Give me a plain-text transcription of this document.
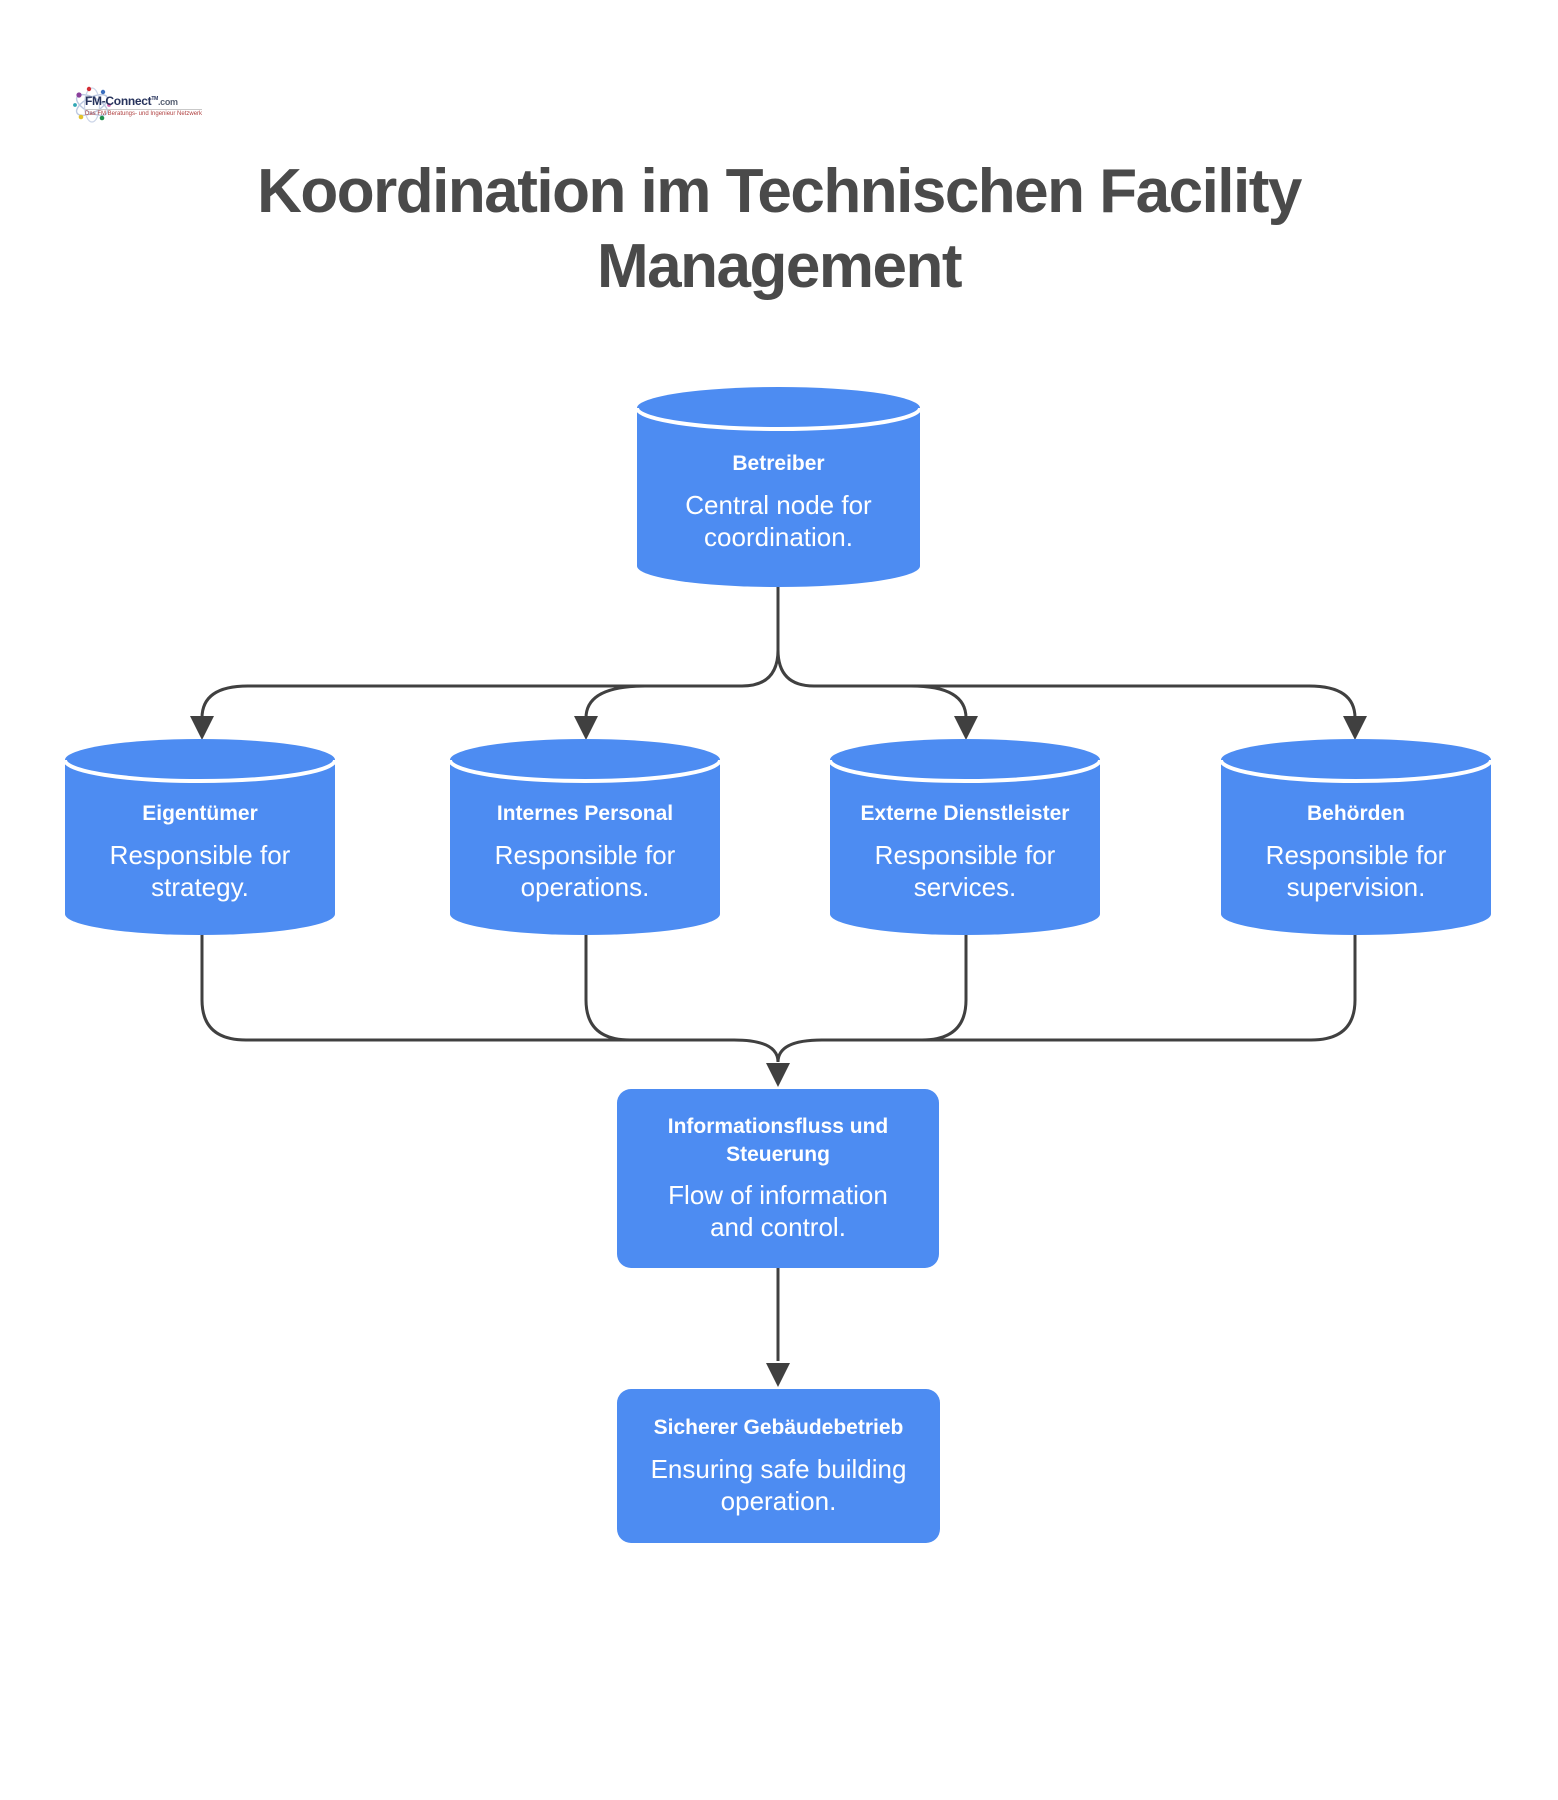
FM-Connect™.com
Das FM Beratungs- und Ingenieur Netzwerk
Koordination im Technischen Facility Management
Betreiber
Central node for coordination.
Eigentümer
Responsible for strategy.
Internes Personal
Responsible for operations.
Externe Dienstleister
Responsible for services.
Behörden
Responsible for supervision.
Informationsfluss und Steuerung
Flow of information and control.
Sicherer Gebäudebetrieb
Ensuring safe building operation.
